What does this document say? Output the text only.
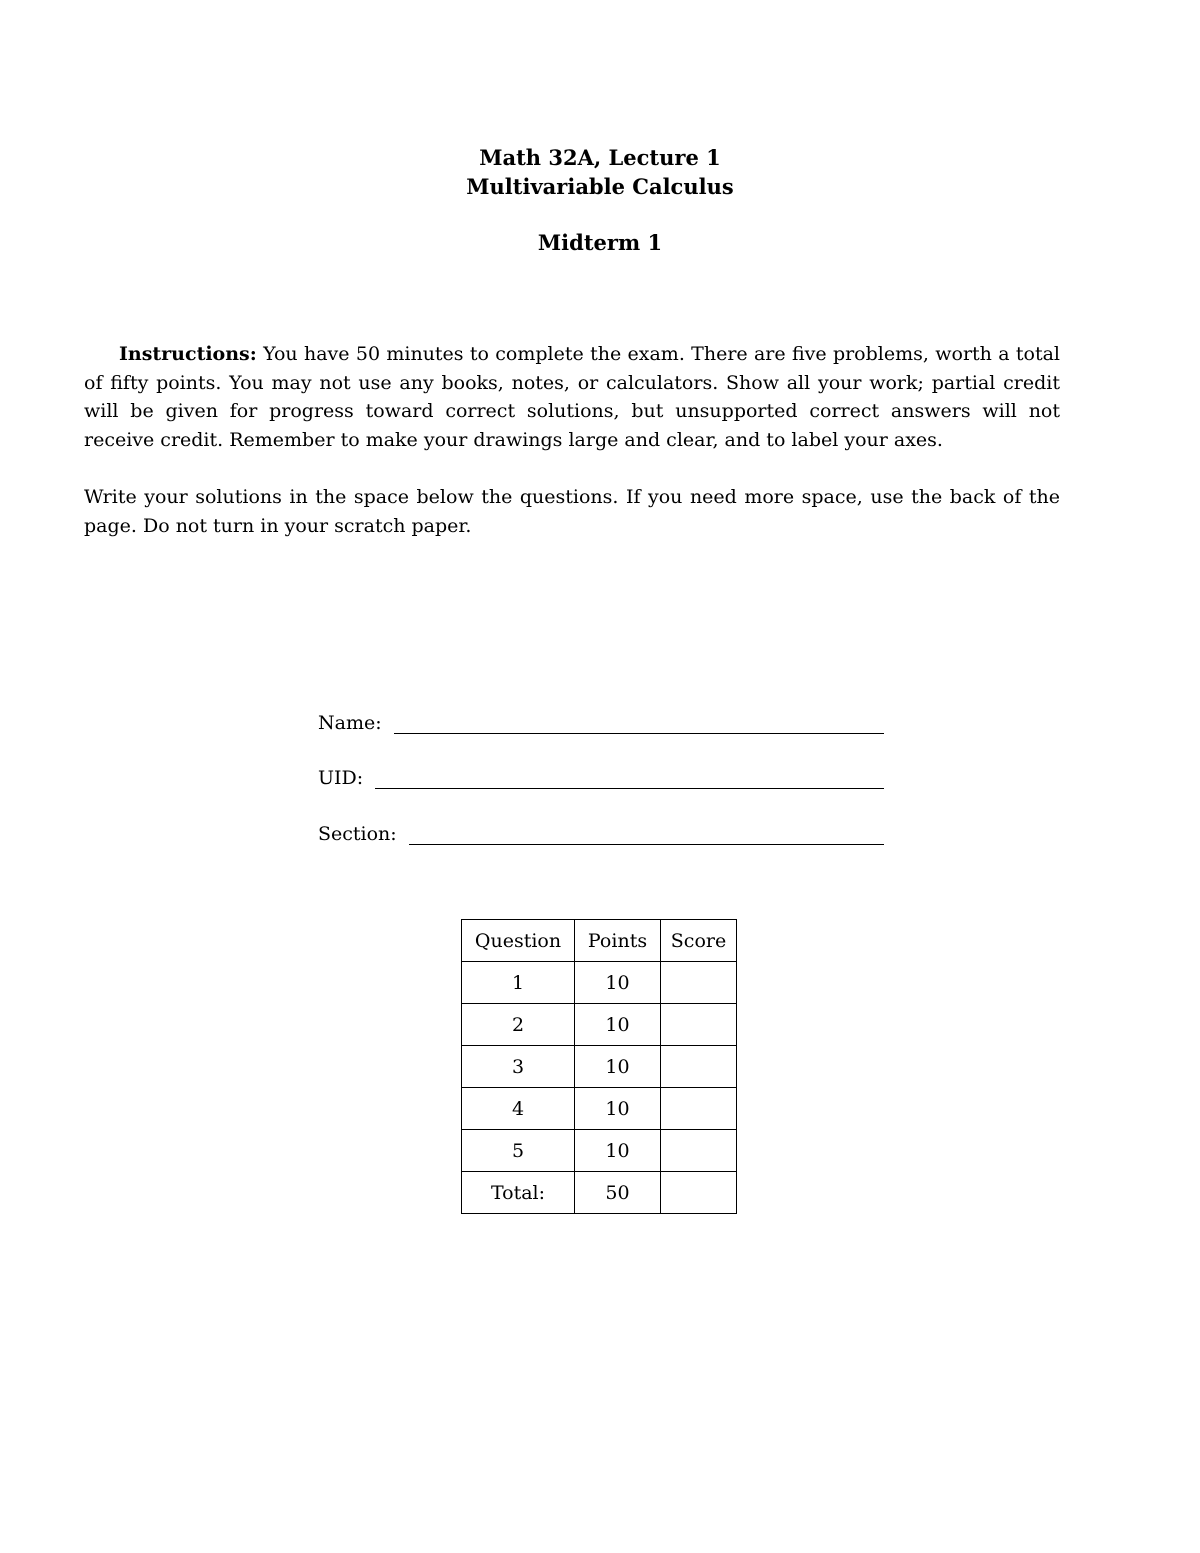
Math 32A, Lecture 1
Multivariable Calculus
Midterm 1

Instructions: You have 50 minutes to complete the exam. There are five problems, worth a total of fifty points. You may not use any books, notes, or calculators. Show all your work; partial credit will be given for progress toward correct solutions, but unsupported correct answers will not receive credit. Remember to make your drawings large and clear, and to label your axes.

Write your solutions in the space below the questions. If you need more space, use the back of the page. Do not turn in your scratch paper.

Name:
UID:
Section:
Question	Points	Score
1	10	
2	10	
3	10	
4	10	
5	10	
Total:	50	
